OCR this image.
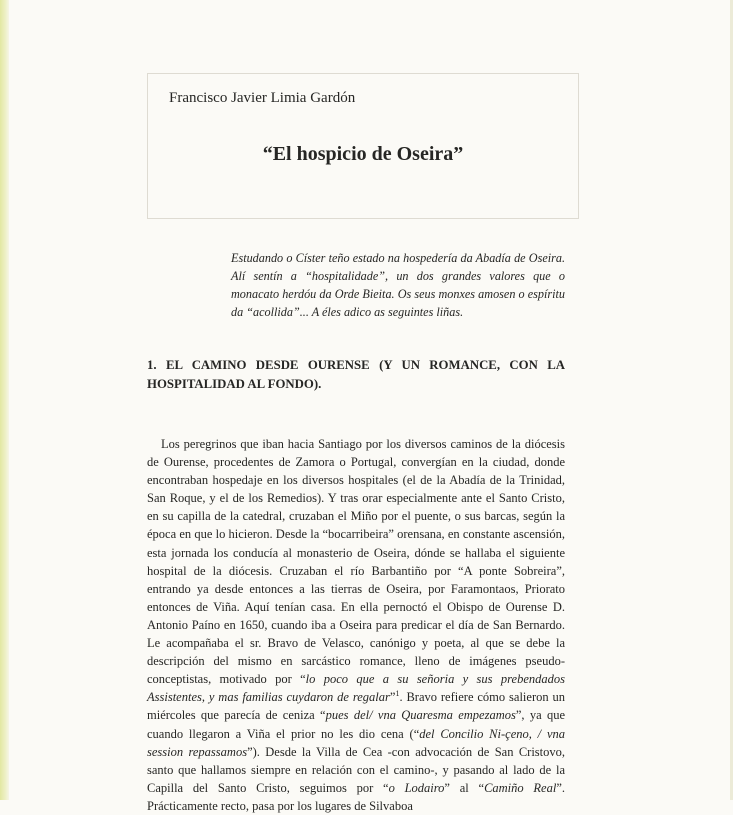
Francisco Javier Limia Gardón
“El hospicio de Oseira”
Estudando o Císter teño estado na hospedería da Abadía de Oseira. Alí sentín a “hospitalidade”, un dos grandes valores que o monacato herdóu da Orde Bieita. Os seus monxes amosen o espíritu da “acollida”... A éles adico as seguintes liñas.
1. EL CAMINO DESDE OURENSE (Y UN ROMANCE, CON LA HOSPITALIDAD AL FONDO).

Los peregrinos que iban hacia Santiago por los diversos caminos de la diócesis de Ourense, procedentes de Zamora o Portugal, convergían en la ciudad, donde encontraban hospedaje en los diversos hospitales (el de la Abadía de la Trinidad, San Roque, y el de los Remedios). Y tras orar especialmente ante el Santo Cristo, en su capilla de la catedral, cruzaban el Miño por el puente, o sus barcas, según la época en que lo hicieron. Desde la “bocarribeira” orensana, en constante ascensión, esta jornada los conducía al monasterio de Oseira, dónde se hallaba el siguiente hospital de la diócesis. Cruzaban el río Barbantiño por “A ponte Sobreira”, entrando ya desde entonces a las tierras de Oseira, por Faramontaos, Priorato entonces de Viña. Aquí tenían casa. En ella pernoctó el Obispo de Ourense D. Antonio Paíno en 1650, cuando iba a Oseira para predicar el día de San Bernardo. Le acompañaba el sr. Bravo de Velasco, canónigo y poeta, al que se debe la descripción del mismo en sarcástico romance, lleno de imágenes pseudo-conceptistas, motivado por “lo poco que a su señoria y sus prebendados Assistentes, y mas familias cuydaron de regalar”$^1$. Bravo refiere cómo salieron un miércoles que parecía de ceniza “pues del/ vna Quaresma empezamos”, ya que cuando llegaron a Viña el prior no les dio cena (“del Concilio Ni-çeno, / vna session repassamos”). Desde la Villa de Cea -con advocación de San Cristovo, santo que hallamos siempre en relación con el camino-, y pasando al lado de la Capilla del Santo Cristo, seguimos por “o Lodairo” al “Camiño Real”. Prácticamente recto, pasa por los lugares de Silvaboa
